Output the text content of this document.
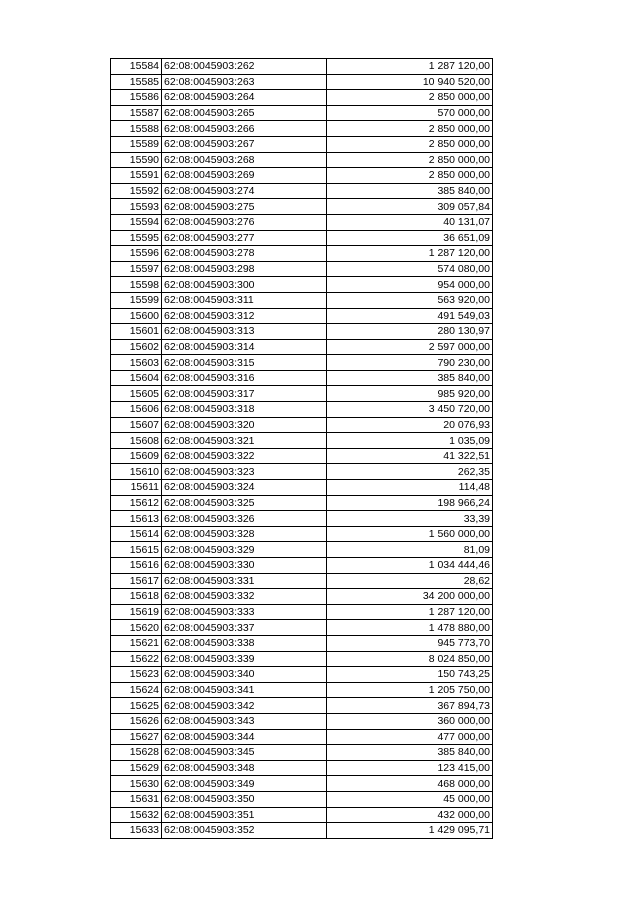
15584	62:08:0045903:262	1 287 120,00
15585	62:08:0045903:263	10 940 520,00
15586	62:08:0045903:264	2 850 000,00
15587	62:08:0045903:265	570 000,00
15588	62:08:0045903:266	2 850 000,00
15589	62:08:0045903:267	2 850 000,00
15590	62:08:0045903:268	2 850 000,00
15591	62:08:0045903:269	2 850 000,00
15592	62:08:0045903:274	385 840,00
15593	62:08:0045903:275	309 057,84
15594	62:08:0045903:276	40 131,07
15595	62:08:0045903:277	36 651,09
15596	62:08:0045903:278	1 287 120,00
15597	62:08:0045903:298	574 080,00
15598	62:08:0045903:300	954 000,00
15599	62:08:0045903:311	563 920,00
15600	62:08:0045903:312	491 549,03
15601	62:08:0045903:313	280 130,97
15602	62:08:0045903:314	2 597 000,00
15603	62:08:0045903:315	790 230,00
15604	62:08:0045903:316	385 840,00
15605	62:08:0045903:317	985 920,00
15606	62:08:0045903:318	3 450 720,00
15607	62:08:0045903:320	20 076,93
15608	62:08:0045903:321	1 035,09
15609	62:08:0045903:322	41 322,51
15610	62:08:0045903:323	262,35
15611	62:08:0045903:324	114,48
15612	62:08:0045903:325	198 966,24
15613	62:08:0045903:326	33,39
15614	62:08:0045903:328	1 560 000,00
15615	62:08:0045903:329	81,09
15616	62:08:0045903:330	1 034 444,46
15617	62:08:0045903:331	28,62
15618	62:08:0045903:332	34 200 000,00
15619	62:08:0045903:333	1 287 120,00
15620	62:08:0045903:337	1 478 880,00
15621	62:08:0045903:338	945 773,70
15622	62:08:0045903:339	8 024 850,00
15623	62:08:0045903:340	150 743,25
15624	62:08:0045903:341	1 205 750,00
15625	62:08:0045903:342	367 894,73
15626	62:08:0045903:343	360 000,00
15627	62:08:0045903:344	477 000,00
15628	62:08:0045903:345	385 840,00
15629	62:08:0045903:348	123 415,00
15630	62:08:0045903:349	468 000,00
15631	62:08:0045903:350	45 000,00
15632	62:08:0045903:351	432 000,00
15633	62:08:0045903:352	1 429 095,71
